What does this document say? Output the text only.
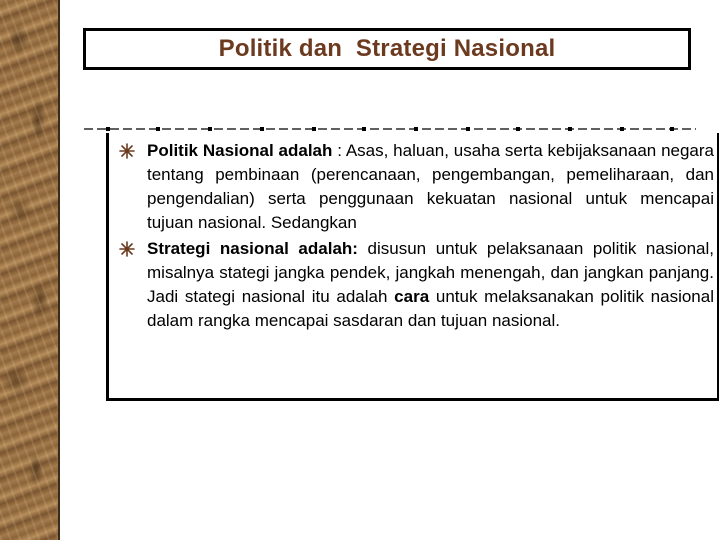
Politik dan  Strategi Nasional
Politik Nasional adalah : Asas, haluan, usaha serta kebijaksanaan negara tentang pembinaan (perencanaan, pengembangan, pemeliharaan, dan pengendalian) serta penggunaan kekuatan nasional untuk mencapai tujuan nasional. Sedangkan
Strategi nasional adalah: disusun untuk pelaksanaan politik nasional, misalnya stategi jangka pendek, jangkah menengah, dan jangkan panjang. Jadi stategi nasional itu adalah cara untuk melaksanakan politik nasional dalam rangka mencapai sasdaran dan tujuan nasional.
